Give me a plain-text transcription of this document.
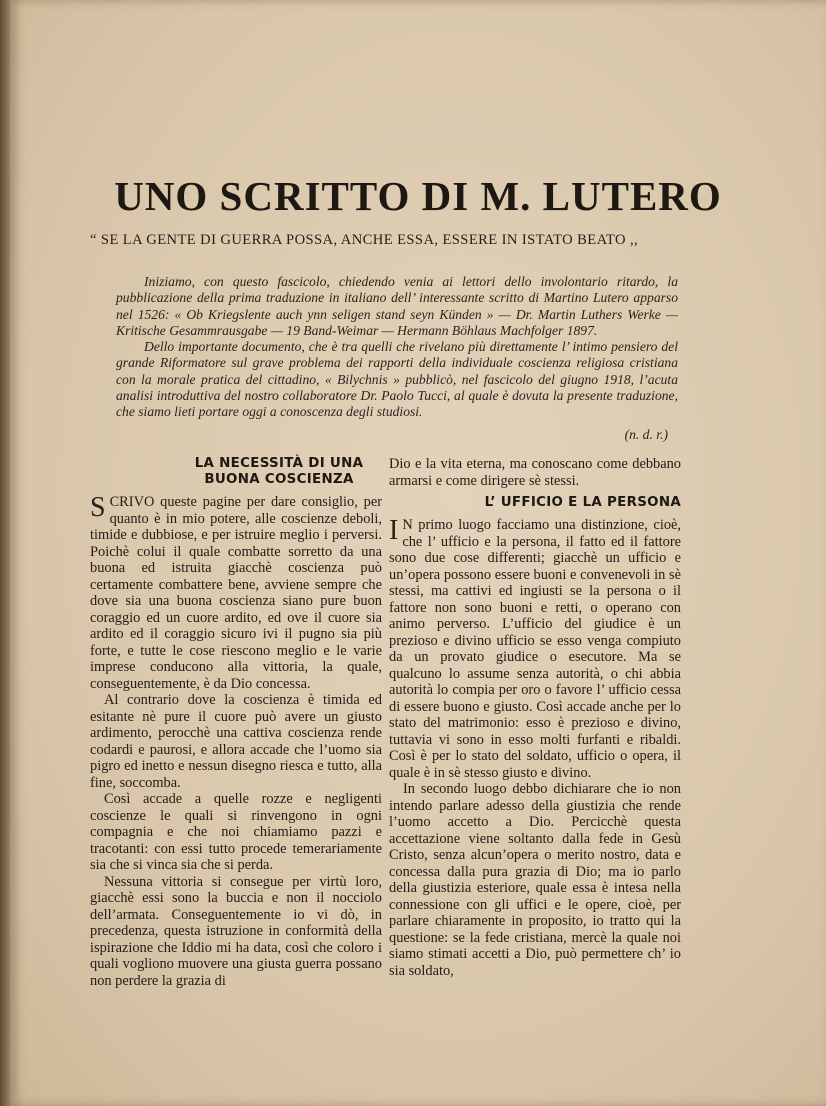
UNO SCRITTO DI M. LUTERO
“ SE LA GENTE DI GUERRA POSSA, ANCHE ESSA, ESSERE IN ISTATO BEATO ,,

Iniziamo, con questo fascicolo, chiedendo venia ai lettori dello involontario ritardo, la pubblicazione della prima traduzione in italiano dell’ interessante scritto di Martino Lutero apparso nel 1526: « Ob Kriegslente auch ynn seligen stand seyn Künden » — Dr. Martin Luthers Werke — Kritische Gesammrausgabe — 19 Band-Weimar — Hermann Böhlaus Machfolger 1897.

Dello importante documento, che è tra quelli che rivelano più direttamente l’ intimo pensiero del grande Riformatore sul grave problema dei rapporti della individuale coscienza religiosa cristiana con la morale pratica del cittadino, « Bilychnis » pubblicò, nel fascicolo del giugno 1918, l’acuta analisi introduttiva del nostro collaboratore Dr. Paolo Tucci, al quale è dovuta la presente traduzione, che siamo lieti portare oggi a conoscenza degli studiosi.

(n. d. r.)

LA NECESSITÀ DI UNA BUONA COSCIENZA

SCRIVO queste pagine per dare consiglio, per quanto è in mio potere, alle coscienze deboli, timide e dubbiose, e per istruire meglio i perversi. Poichè colui il quale combatte sorretto da una buona ed istruita giacchè coscienza può certamente combattere bene, avviene sempre che dove sia una buona coscienza siano pure buon coraggio ed un cuore ardito, ed ove il cuore sia ardito ed il coraggio sicuro ivi il pugno sia più forte, e tutte le cose riescono meglio e le varie imprese conducono alla vittoria, la quale, conseguentemente, è da Dio concessa.

Al contrario dove la coscienza è timida ed esitante nè pure il cuore può avere un giusto ardimento, perocchè una cattiva coscienza rende codardi e paurosi, e allora accade che l’uomo sia pigro ed inetto e nessun disegno riesca e tutto, alla fine, soccomba.

Così accade a quelle rozze e negligenti coscienze le quali si rinvengono in ogni compagnia e che noi chiamiamo pazzi e tracotanti: con essi tutto procede temerariamente sia che si vinca sia che si perda.

Nessuna vittoria si consegue per virtù loro, giacchè essi sono la buccia e non il nocciolo dell’armata. Conseguentemente io vi dò, in precedenza, questa istruzione in conformità della ispirazione che Iddio mi ha data, così che coloro i quali vogliono muovere una giusta guerra possano non perdere la grazia di

Dio e la vita eterna, ma conoscano come debbano armarsi e come dirigere sè stessi.

L’ UFFICIO E LA PERSONA

I N primo luogo facciamo una distinzione, cioè, che l’ ufficio e la persona, il fatto ed il fattore sono due cose differenti; giacchè un ufficio e un’opera possono essere buoni e convenevoli in sè stessi, ma cattivi ed ingiusti se la persona o il fattore non sono buoni e retti, o operano con animo perverso. L’ufficio del giudice è un prezioso e divino ufficio se esso venga compiuto da un provato giudice o esecutore. Ma se qualcuno lo assume senza autorità, o chi abbia autorità lo compia per oro o favore l’ ufficio cessa di essere buono e giusto. Così accade anche per lo stato del matrimonio: esso è prezioso e divino, tuttavia vi sono in esso molti furfanti e ribaldi. Così è per lo stato del soldato, ufficio o opera, il quale è in sè stesso giusto e divino.

In secondo luogo debbo dichiarare che io non intendo parlare adesso della giustizia che rende l’uomo accetto a Dio. Percicchè questa accettazione viene soltanto dalla fede in Gesù Cristo, senza alcun’opera o merito nostro, data e concessa dalla pura grazia di Dio; ma io parlo della giustizia esteriore, quale essa è intesa nella connessione con gli uffici e le opere, cioè, per parlare chiaramente in proposito, io tratto qui la questione: se la fede cristiana, mercè la quale noi siamo stimati accetti a Dio, può permettere ch’ io sia soldato,
